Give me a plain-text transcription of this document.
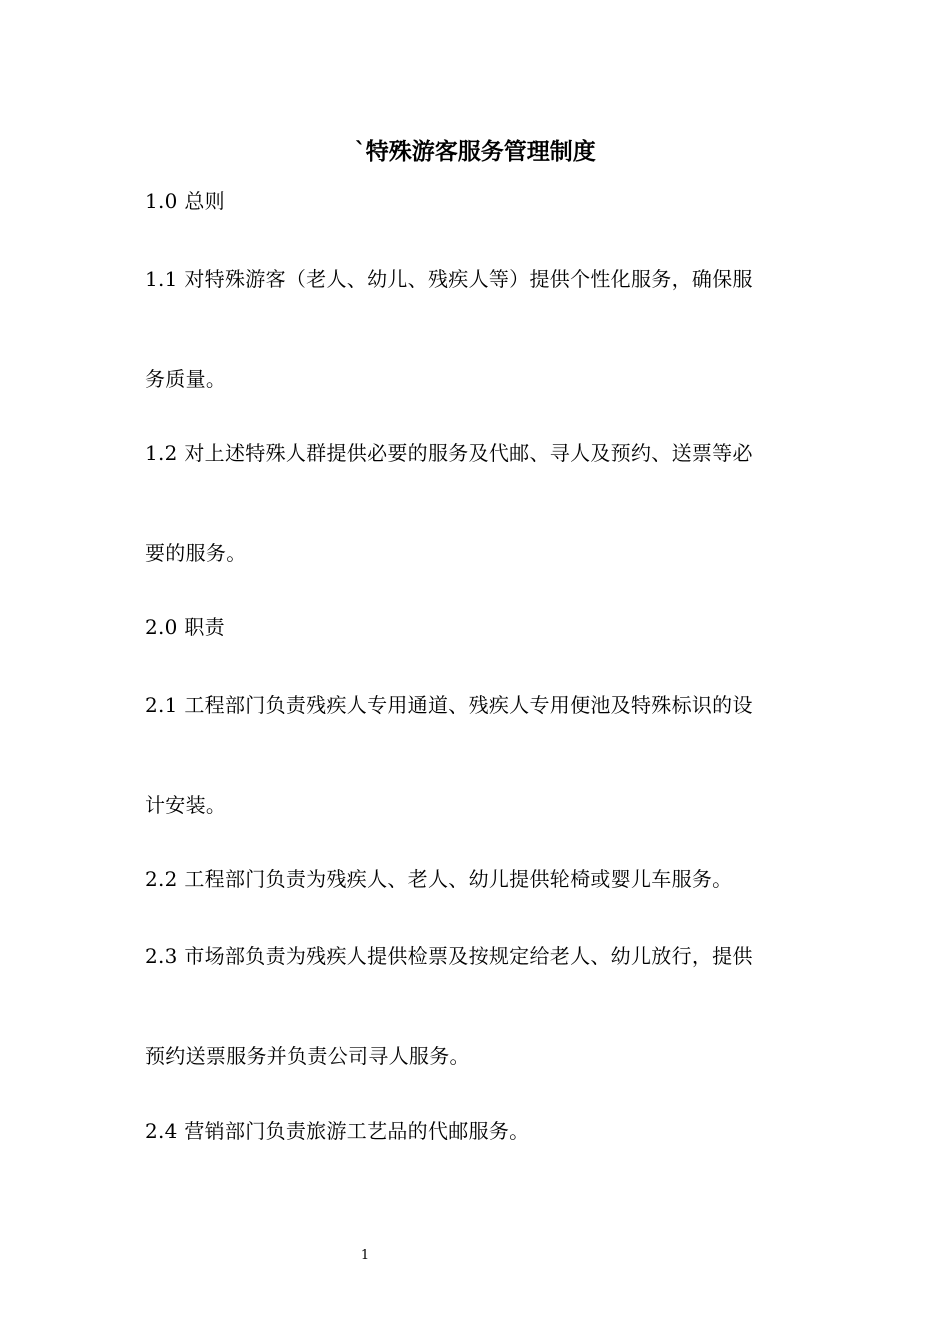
`特殊游客服务管理制度
1.0 总则
1.1 对特殊游客（老人、幼儿、残疾人等）提供个性化服务，确保服
务质量。
1.2 对上述特殊人群提供必要的服务及代邮、寻人及预约、送票等必
要的服务。
2.0 职责
2.1 工程部门负责残疾人专用通道、残疾人专用便池及特殊标识的设
计安装。
2.2 工程部门负责为残疾人、老人、幼儿提供轮椅或婴儿车服务。
2.3 市场部负责为残疾人提供检票及按规定给老人、幼儿放行，提供
预约送票服务并负责公司寻人服务。
2.4 营销部门负责旅游工艺品的代邮服务。
1
